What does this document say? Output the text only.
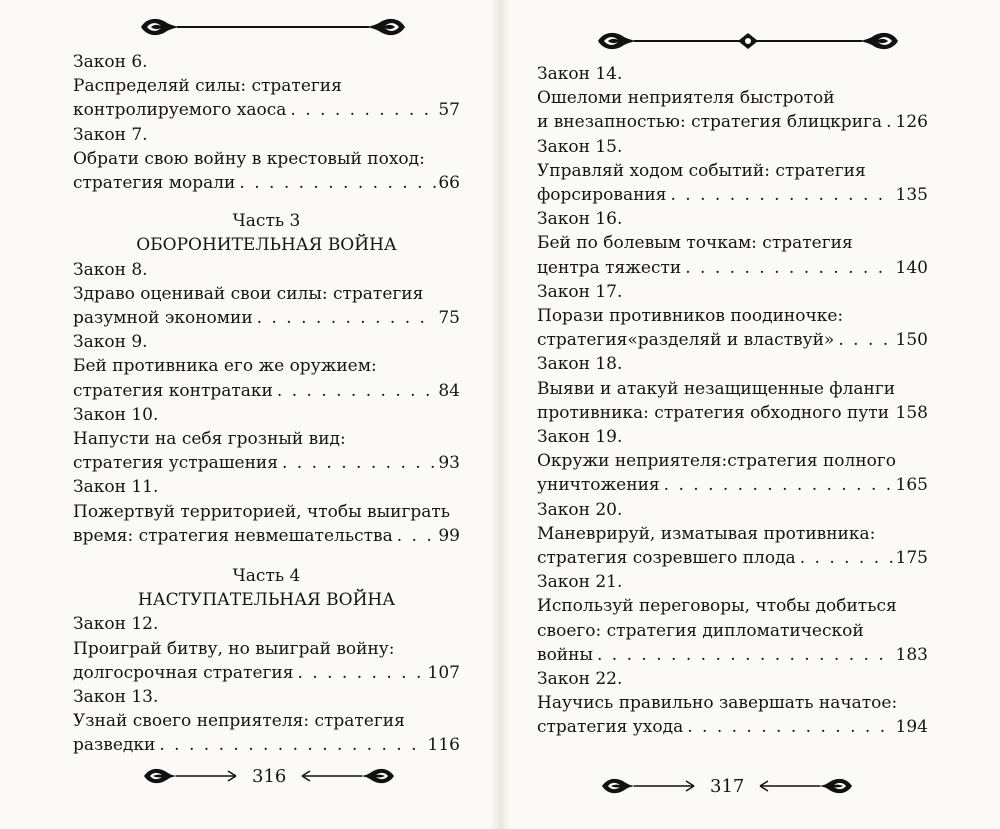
Закон 6.
Распределяй силы: стратегия
контролируемого хаоса . . .	57
Закон 7.
Обрати свою войну в крестовый поход:
стратегия морали . . .	66
Часть 3
ОБОРОНИТЕЛЬНАЯ ВОЙНА
Закон 8.
Здраво оценивай свои силы: стратегия
разумной экономии . . .	75
Закон 9.
Бей противника его же оружием:
стратегия контратаки . . .	84
Закон 10.
Напусти на себя грозный вид:
стратегия устрашения . . .	93
Закон 11.
Пожертвуй территорией, чтобы выиграть
время: стратегия невмешательства . . .	99
Часть 4
НАСТУПАТЕЛЬНАЯ ВОЙНА
Закон 12.
Проиграй битву, но выиграй войну:
долгосрочная стратегия . . .	107
Закон 13.
Узнай своего неприятеля: стратегия
разведки . . .	116
316
Закон 14.
Ошеломи неприятеля быстротой
и внезапностью: стратегия блицкрига . . . 126
Закон 15.
Управляй ходом событий: стратегия
форсирования . . .	135
Закон 16.
Бей по болевым точкам: стратегия
центра тяжести . . .	140
Закон 17.
Порази противников поодиночке:
стратегия«разделяй и властвуй» . . .	150
Закон 18.
Выяви и атакуй незащищенные фланги
противника: стратегия обходного пути . . . 158
Закон 19.
Окружи неприятеля:стратегия полного
уничтожения . . .	165
Закон 20.
Маневрируй, изматывая противника:
стратегия созревшего плода . . .	175
Закон 21.
Используй переговоры, чтобы добиться
своего: стратегия дипломатической
войны . . .	183
Закон 22.
Научись правильно завершать начатое:
стратегия ухода . . .	194
317
